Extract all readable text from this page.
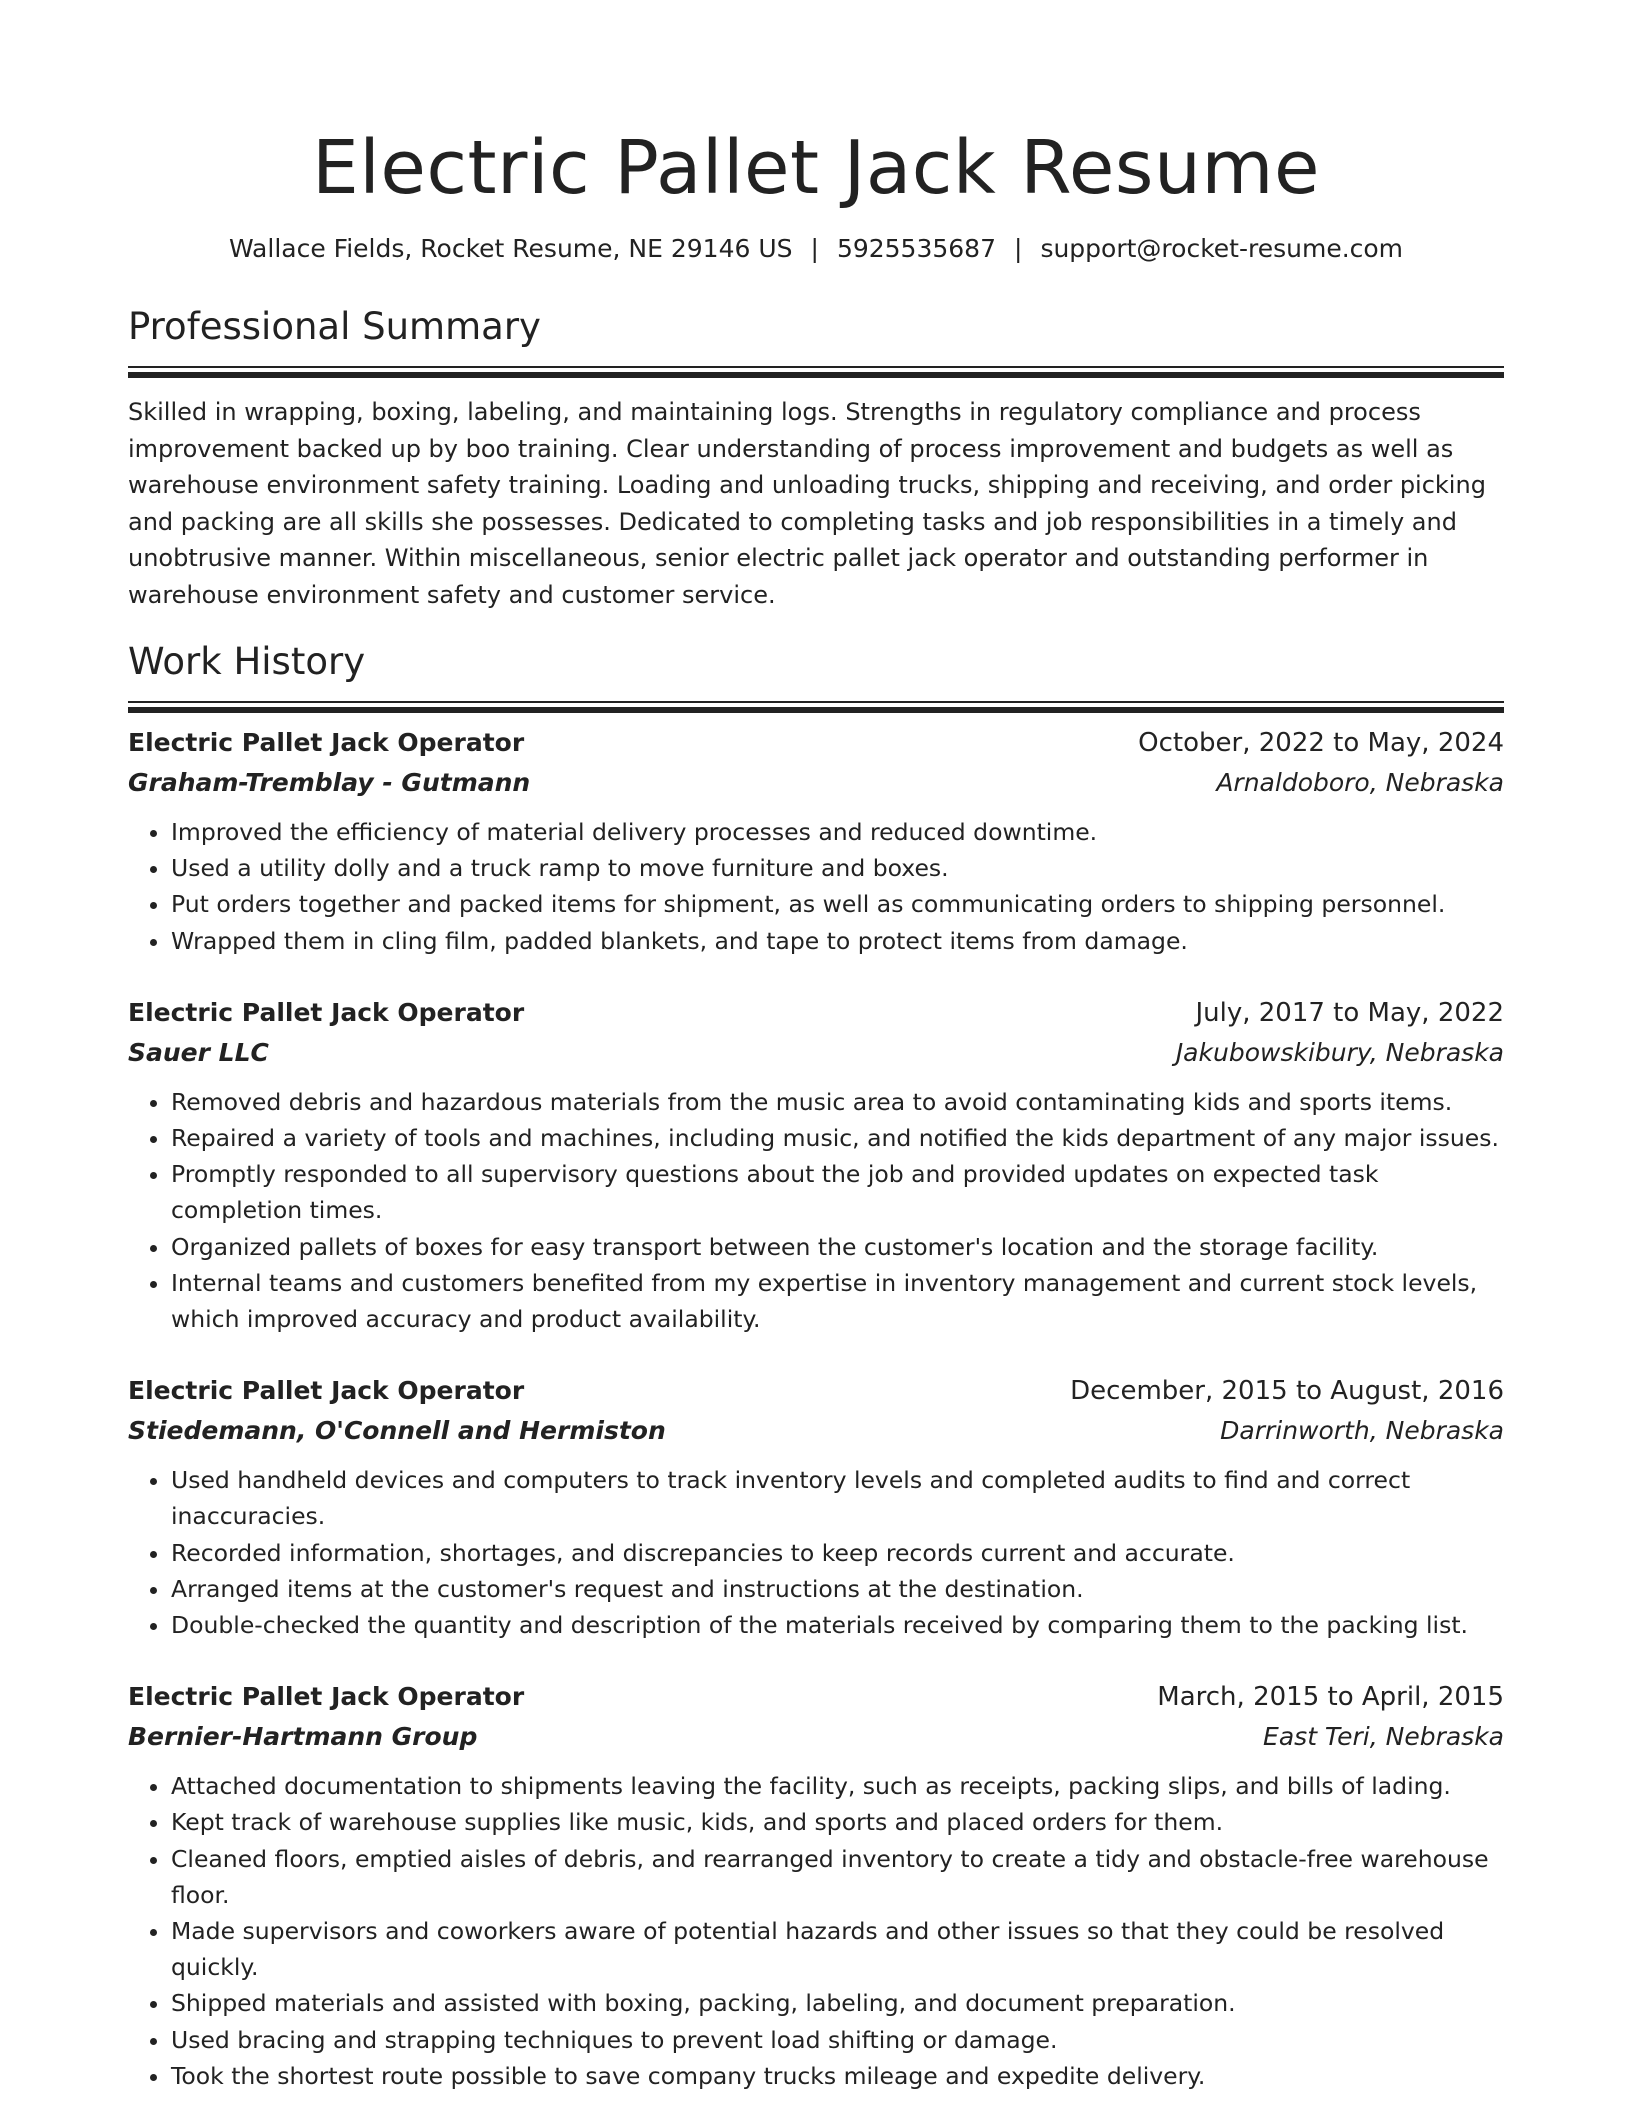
Electric Pallet Jack Resume
Wallace Fields, Rocket Resume, NE 29146 US | 5925535687 | support@rocket-resume.com
Professional Summary

Skilled in wrapping, boxing, labeling, and maintaining logs. Strengths in regulatory compliance and process improvement backed up by boo training. Clear understanding of process improvement and budgets as well as warehouse environment safety training. Loading and unloading trucks, shipping and receiving, and order picking and packing are all skills she possesses. Dedicated to completing tasks and job responsibilities in a timely and unobtrusive manner. Within miscellaneous, senior electric pallet jack operator and outstanding performer in warehouse environment safety and customer service.

Work History
Electric Pallet Jack Operator	October, 2022 to May, 2024
Graham-Tremblay - Gutmann	Arnaldoboro, Nebraska
• Improved the efficiency of material delivery processes and reduced downtime.
• Used a utility dolly and a truck ramp to move furniture and boxes.
• Put orders together and packed items for shipment, as well as communicating orders to shipping personnel.
• Wrapped them in cling film, padded blankets, and tape to protect items from damage.
Electric Pallet Jack Operator	July, 2017 to May, 2022
Sauer LLC	Jakubowskibury, Nebraska
• Removed debris and hazardous materials from the music area to avoid contaminating kids and sports items.
• Repaired a variety of tools and machines, including music, and notified the kids department of any major issues.
• Promptly responded to all supervisory questions about the job and provided updates on expected task completion times.
• Organized pallets of boxes for easy transport between the customer's location and the storage facility.
• Internal teams and customers benefited from my expertise in inventory management and current stock levels, which improved accuracy and product availability.
Electric Pallet Jack Operator	December, 2015 to August, 2016
Stiedemann, O'Connell and Hermiston	Darrinworth, Nebraska
• Used handheld devices and computers to track inventory levels and completed audits to find and correct inaccuracies.
• Recorded information, shortages, and discrepancies to keep records current and accurate.
• Arranged items at the customer's request and instructions at the destination.
• Double-checked the quantity and description of the materials received by comparing them to the packing list.
Electric Pallet Jack Operator	March, 2015 to April, 2015
Bernier-Hartmann Group	East Teri, Nebraska
• Attached documentation to shipments leaving the facility, such as receipts, packing slips, and bills of lading.
• Kept track of warehouse supplies like music, kids, and sports and placed orders for them.
• Cleaned floors, emptied aisles of debris, and rearranged inventory to create a tidy and obstacle-free warehouse floor.
• Made supervisors and coworkers aware of potential hazards and other issues so that they could be resolved quickly.
• Shipped materials and assisted with boxing, packing, labeling, and document preparation.
• Used bracing and strapping techniques to prevent load shifting or damage.
• Took the shortest route possible to save company trucks mileage and expedite delivery.
